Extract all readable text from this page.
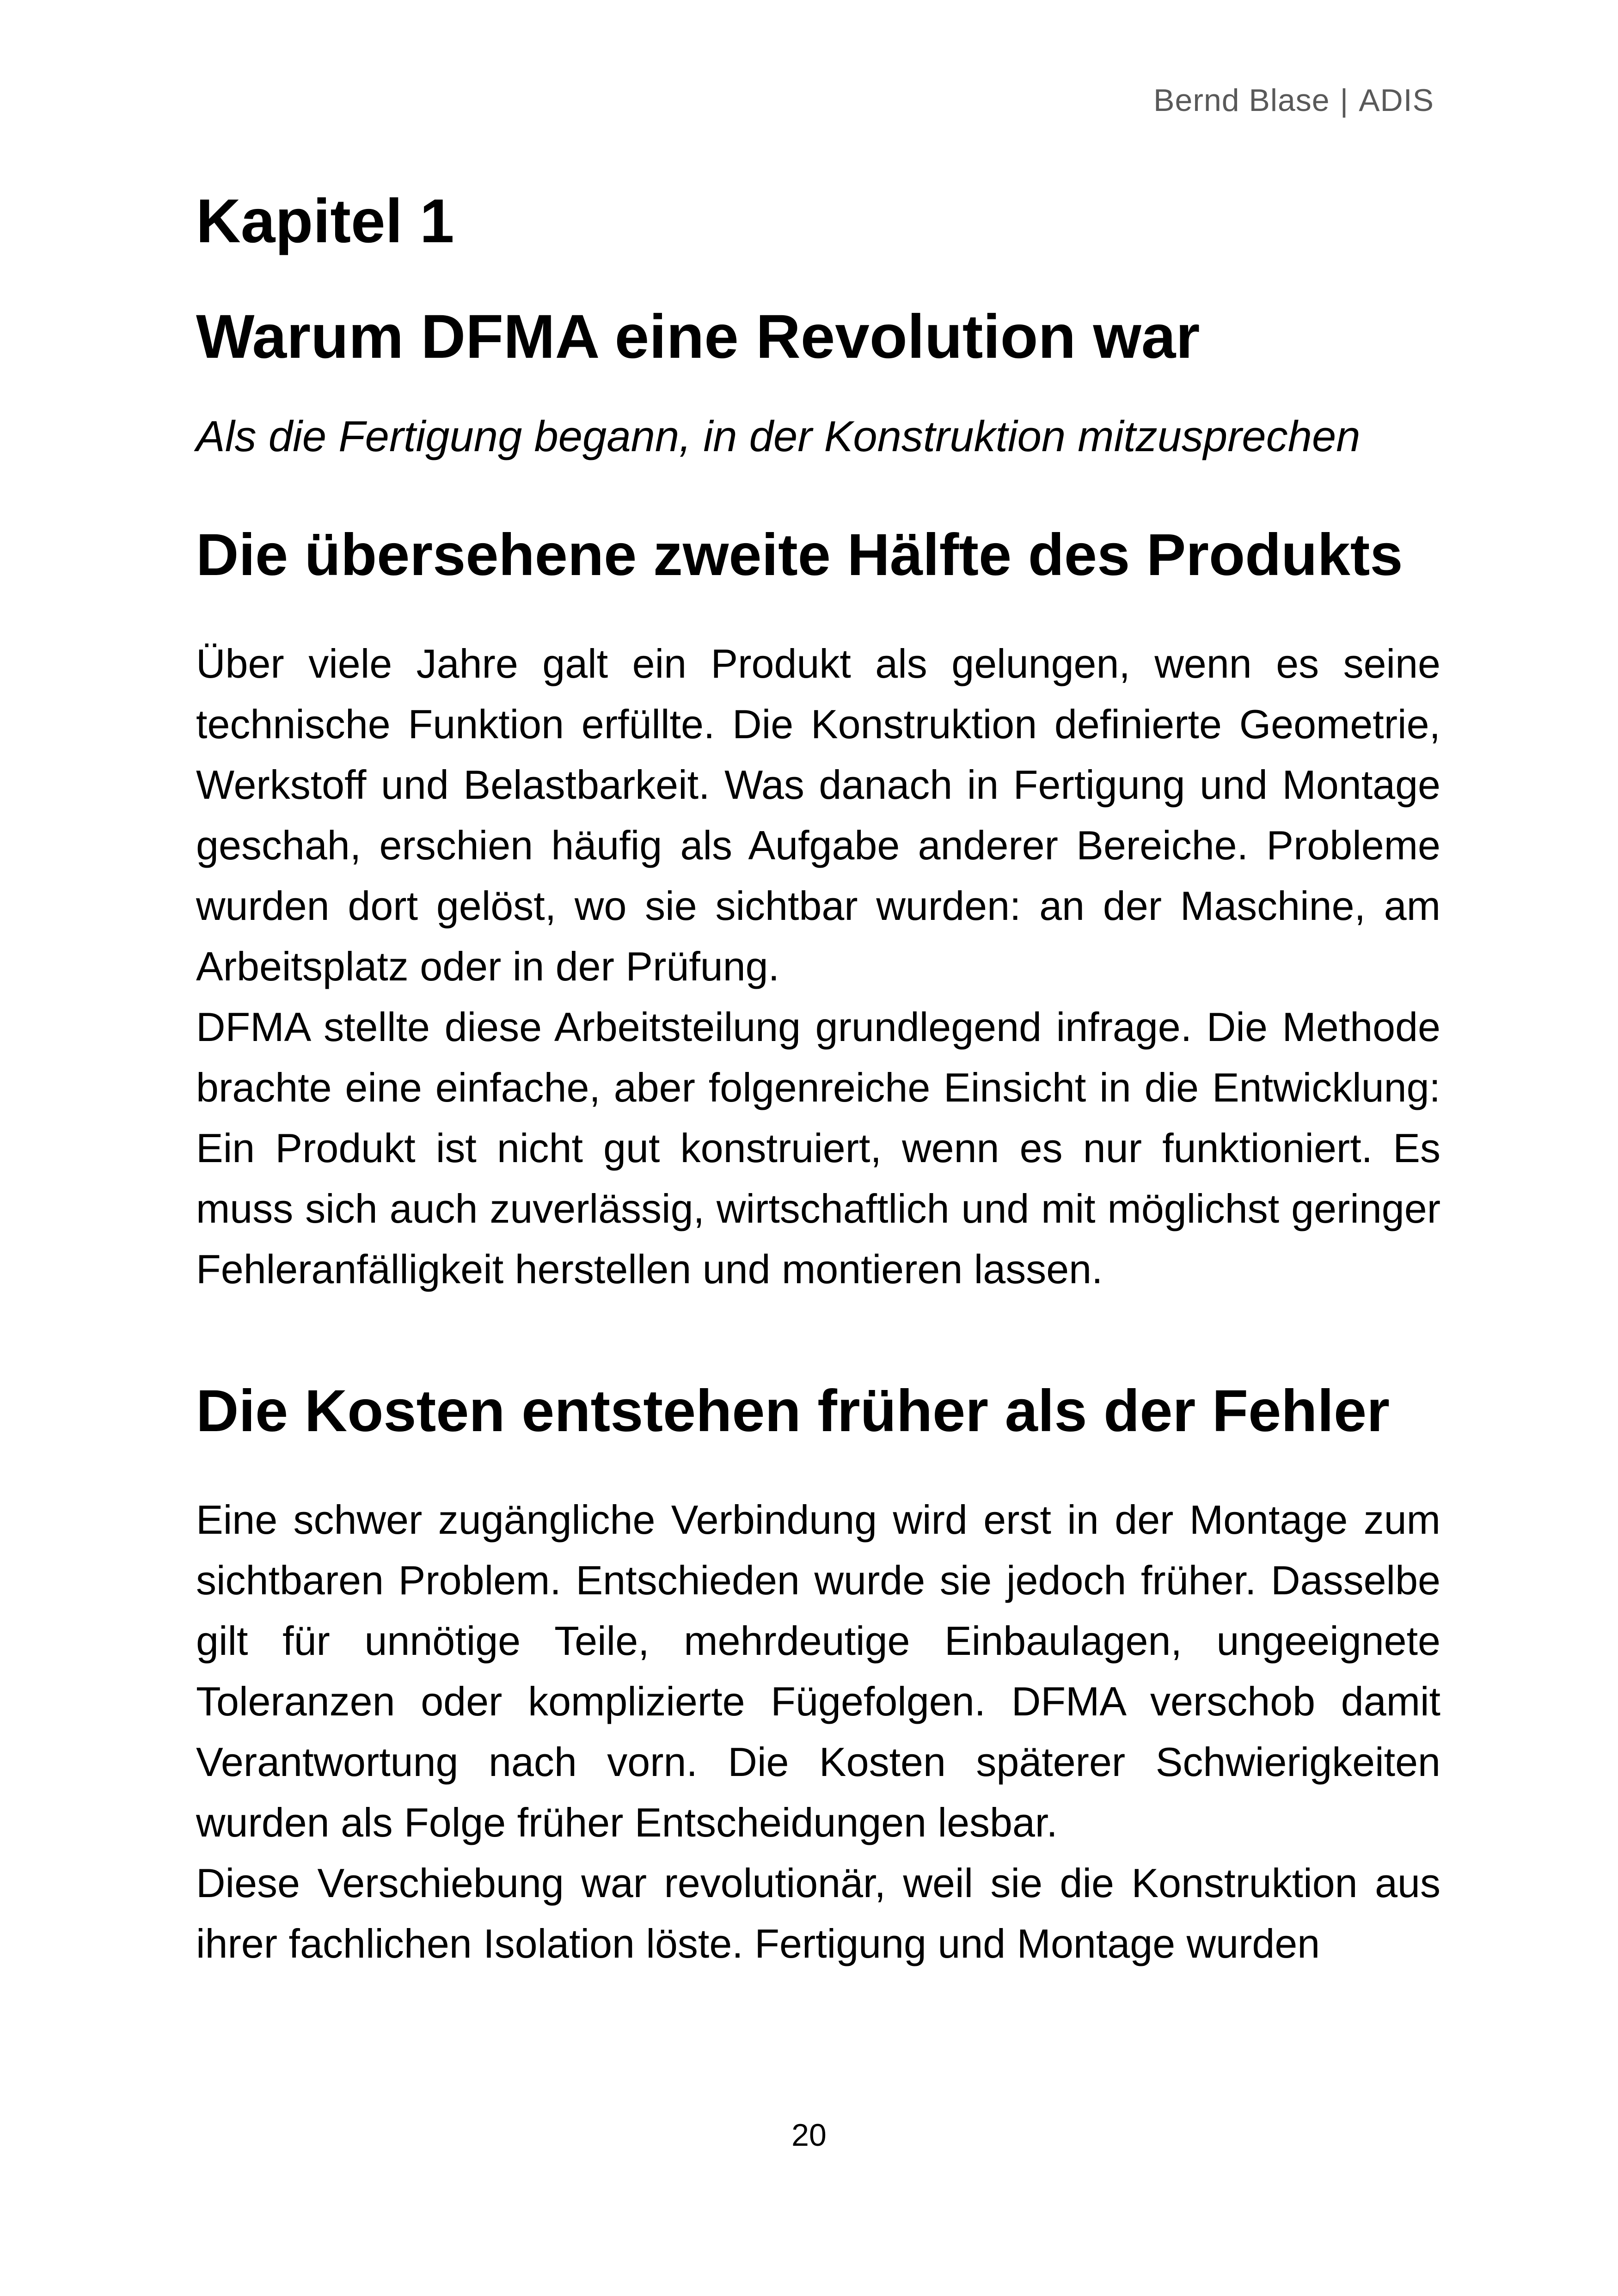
Bernd Blase | ADIS
Kapitel 1
Warum DFMA eine Revolution war
Als die Fertigung begann, in der Konstruktion mitzusprechen
Die übersehene zweite Hälfte des Produkts

Über viele Jahre galt ein Produkt als gelungen, wenn es seine technische Funktion erfüllte. Die Konstruktion definierte Geometrie, Werkstoff und Belastbarkeit. Was danach in Fertigung und Montage geschah, erschien häufig als Aufgabe anderer Bereiche. Probleme wurden dort gelöst, wo sie sichtbar wurden: an der Maschine, am Arbeitsplatz oder in der Prüfung.

DFMA stellte diese Arbeitsteilung grundlegend infrage. Die Methode brachte eine einfache, aber folgenreiche Einsicht in die Entwicklung: Ein Produkt ist nicht gut konstruiert, wenn es nur funktioniert. Es muss sich auch zuverlässig, wirtschaftlich und mit möglichst geringer Fehleranfälligkeit herstellen und montieren lassen.

Die Kosten entstehen früher als der Fehler

Eine schwer zugängliche Verbindung wird erst in der Montage zum sichtbaren Problem. Entschieden wurde sie jedoch früher. Dasselbe gilt für unnötige Teile, mehrdeutige Einbaulagen, ungeeignete Toleranzen oder komplizierte Fügefolgen. DFMA verschob damit Verantwortung nach vorn. Die Kosten späterer Schwierigkeiten wurden als Folge früher Entscheidungen lesbar.

Diese Verschiebung war revolutionär, weil sie die Konstruktion aus ihrer fachlichen Isolation löste. Fertigung und Montage wurden

20
